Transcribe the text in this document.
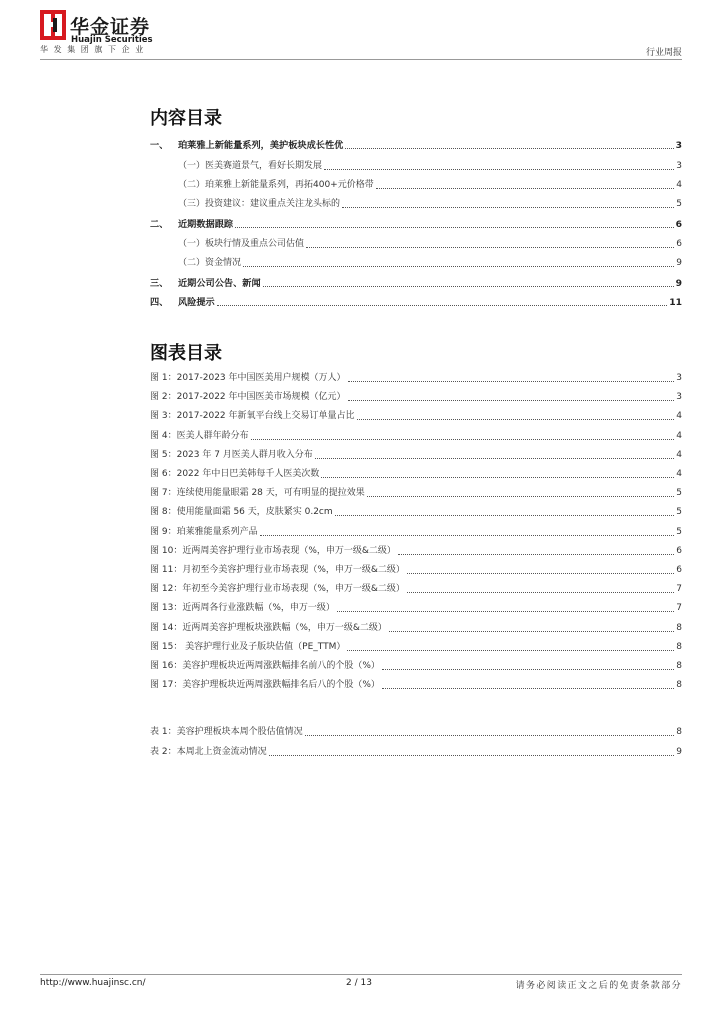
华金证券
Huajin Securities
华发集团旗下企业	行业周报
内容目录
一、	珀莱雅上新能量系列，美护板块成长性优	3
（一）医美赛道景气，看好长期发展	3
（二）珀莱雅上新能量系列，再拓400+元价格带	4
（三）投资建议：建议重点关注龙头标的	5
二、	近期数据跟踪	6
（一）板块行情及重点公司估值	6
（二）资金情况	9
三、	近期公司公告、新闻	9
四、	风险提示	11
图表目录
图 1：2017-2023 年中国医美用户规模（万人）	3
图 2：2017-2022 年中国医美市场规模（亿元）	3
图 3：2017-2022 年新氧平台线上交易订单量占比	4
图 4：医美人群年龄分布	4
图 5：2023 年 7 月医美人群月收入分布	4
图 6：2022 年中日巴美韩每千人医美次数	4
图 7：连续使用能量眼霜 28 天，可有明显的提拉效果	5
图 8：使用能量面霜 56 天，皮肤紧实 0.2cm	5
图 9：珀莱雅能量系列产品	5
图 10：近两周美容护理行业市场表现（%，申万一级&二级）	6
图 11：月初至今美容护理行业市场表现（%，申万一级&二级）	6
图 12：年初至今美容护理行业市场表现（%，申万一级&二级）	7
图 13：近两周各行业涨跌幅（%，申万一级）	7
图 14：近两周美容护理板块涨跌幅（%，申万一级&二级）	8
图 15： 美容护理行业及子版块估值（PE_TTM）	8
图 16：美容护理板块近两周涨跌幅排名前八的个股（%）	8
图 17：美容护理板块近两周涨跌幅排名后八的个股（%）	8
表 1：美容护理板块本周个股估值情况	8
表 2：本周北上资金流动情况	9
http://www.huajinsc.cn/	2 / 13	请务必阅读正文之后的免责条款部分
